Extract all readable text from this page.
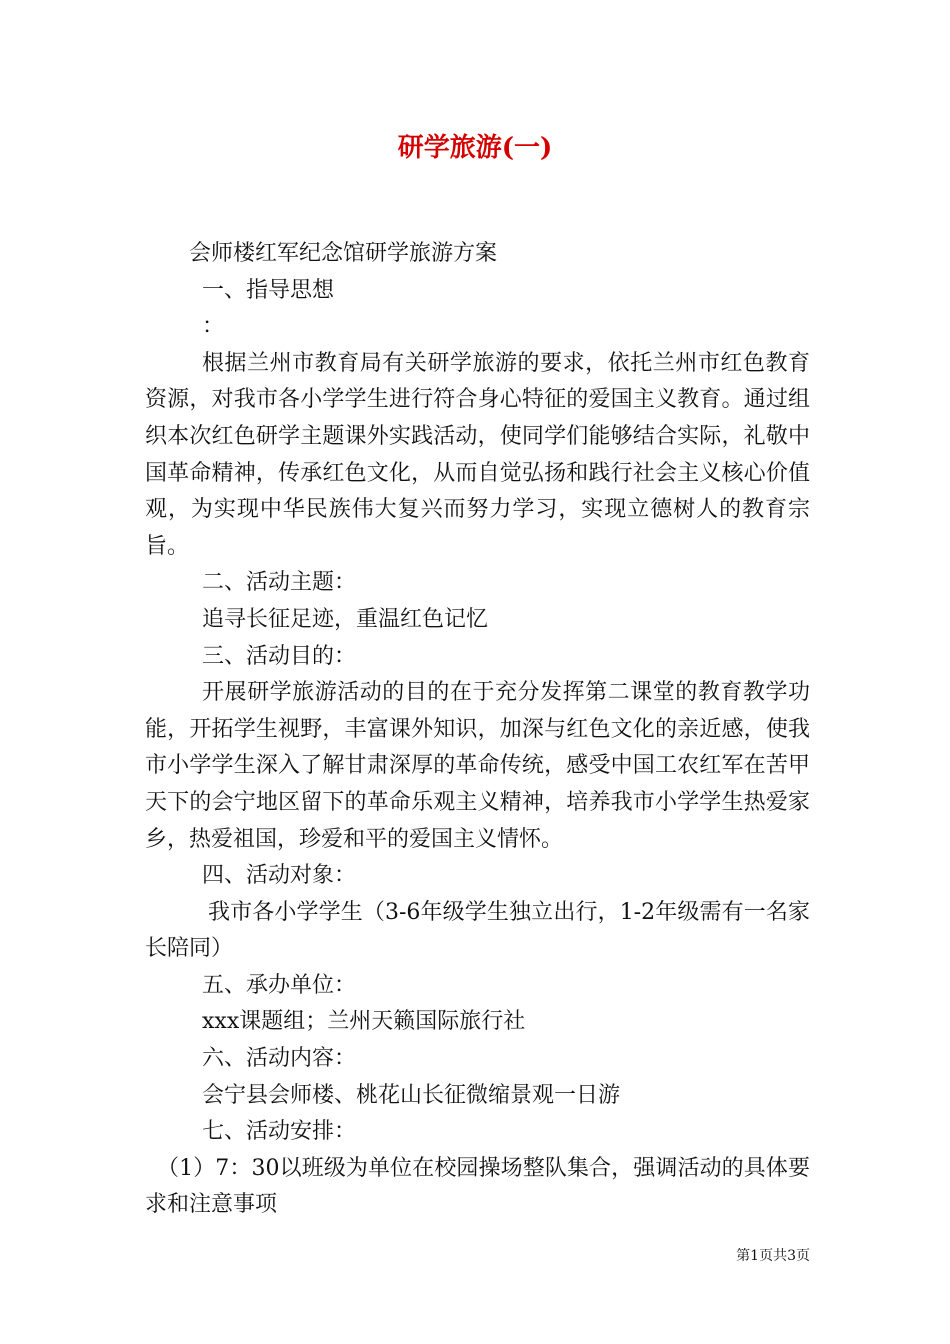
研学旅游(一)

会师楼红军纪念馆研学旅游方案

一、指导思想

：

根据兰州市教育局有关研学旅游的要求，依托兰州市红色教育资源，对我市各小学学生进行符合身心特征的爱国主义教育。通过组织本次红色研学主题课外实践活动，使同学们能够结合实际，礼敬中国革命精神，传承红色文化，从而自觉弘扬和践行社会主义核心价值观，为实现中华民族伟大复兴而努力学习，实现立德树人的教育宗旨。

二、活动主题：

追寻长征足迹，重温红色记忆

三、活动目的：

开展研学旅游活动的目的在于充分发挥第二课堂的教育教学功能，开拓学生视野，丰富课外知识，加深与红色文化的亲近感，使我市小学学生深入了解甘肃深厚的革命传统，感受中国工农红军在苦甲天下的会宁地区留下的革命乐观主义精神，培养我市小学学生热爱家乡，热爱祖国，珍爱和平的爱国主义情怀。

四、活动对象：

我市各小学学生（3-6年级学生独立出行，1-2年级需有一名家长陪同）

五、承办单位：

xxx课题组；兰州天籁国际旅行社

六、活动内容：

会宁县会师楼、桃花山长征微缩景观一日游

七、活动安排：

（1）7：30以班级为单位在校园操场整队集合，强调活动的具体要求和注意事项

第1页共3页
